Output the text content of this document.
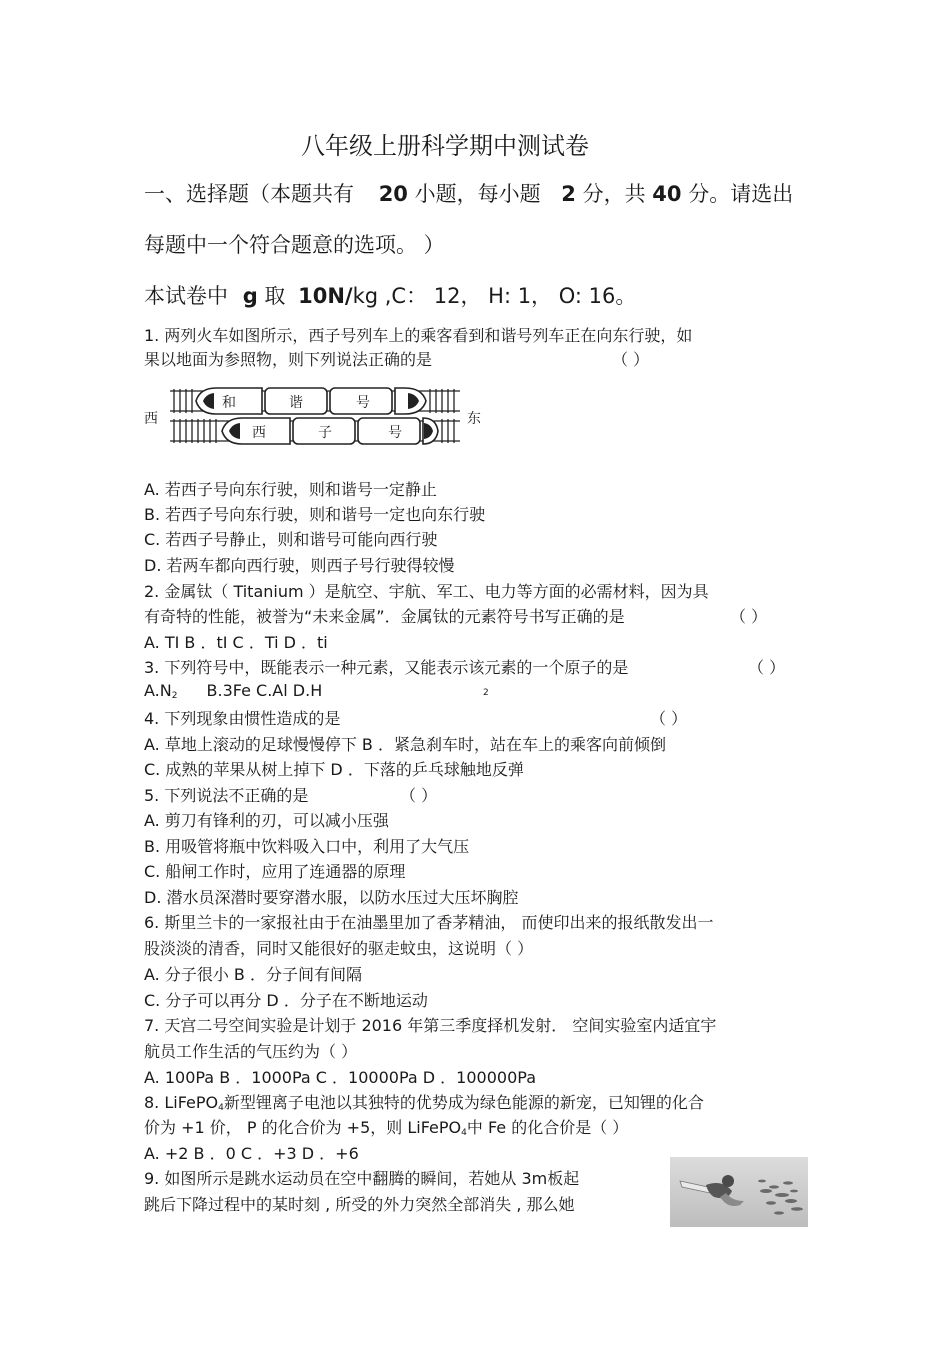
八年级上册科学期中测试卷
一、选择题（本题共有 20 小题，每小题 2 分，共 40 分。请选出
每题中一个符合题意的选项。 ）
本试卷中 g 取 10N/kg ,C： 12， H: 1， O: 16。
1. 两列火车如图所示，西子号列车上的乘客看到和谐号列车正在向东行驶，如
果以地面为参照物，则下列说法正确的是	（ ）
西	东
和	谐	号
西	子	号
A. 若西子号向东行驶，则和谐号一定静止
B. 若西子号向东行驶，则和谐号一定也向东行驶
C. 若西子号静止，则和谐号可能向西行驶
D. 若两车都向西行驶，则西子号行驶得较慢
2. 金属钛（ Titanium ）是航空、宇航、军工、电力等方面的必需材料，因为具
有奇特的性能，被誉为“未来金属”．金属钛的元素符号书写正确的是	（ ）
A. TI B ．tI C ．Ti D ．ti
3. 下列符号中，既能表示一种元素，又能表示该元素的一个原子的是	（ ）
$A.N_2$ B.3Fe C.Al D.H	2
4. 下列现象由惯性造成的是	（ ）
A. 草地上滚动的足球慢慢停下 B ．紧急刹车时，站在车上的乘客向前倾倒
C. 成熟的苹果从树上掉下 D ．下落的乒乓球触地反弹
5. 下列说法不正确的是	（ ）
A. 剪刀有锋利的刃，可以减小压强
B. 用吸管将瓶中饮料吸入口中，利用了大气压
C. 船闸工作时，应用了连通器的原理
D. 潜水员深潜时要穿潜水服，以防水压过大压坏胸腔
6. 斯里兰卡的一家报社由于在油墨里加了香茅精油， 而使印出来的报纸散发出一
股淡淡的清香，同时又能很好的驱走蚊虫，这说明（ ）
A. 分子很小 B ．分子间有间隔
C. 分子可以再分 D ．分子在不断地运动
7. 天宫二号空间实验是计划于 2016 年第三季度择机发射． 空间实验室内适宜宇
航员工作生活的气压约为（ ）
A. 100Pa B ．1000Pa C ．10000Pa D ．100000Pa
8. LiFePO$_4$新型锂离子电池以其独特的优势成为绿色能源的新宠，已知锂的化合
价为 +1 价， P 的化合价为 +5，则 LiFePO$_4$中 Fe 的化合价是（ ）
A. +2 B ．0 C ．+3 D ．+6
9. 如图所示是跳水运动员在空中翻腾的瞬间，若她从 3m板起
跳后下降过程中的某时刻 , 所受的外力突然全部消失 , 那么她
